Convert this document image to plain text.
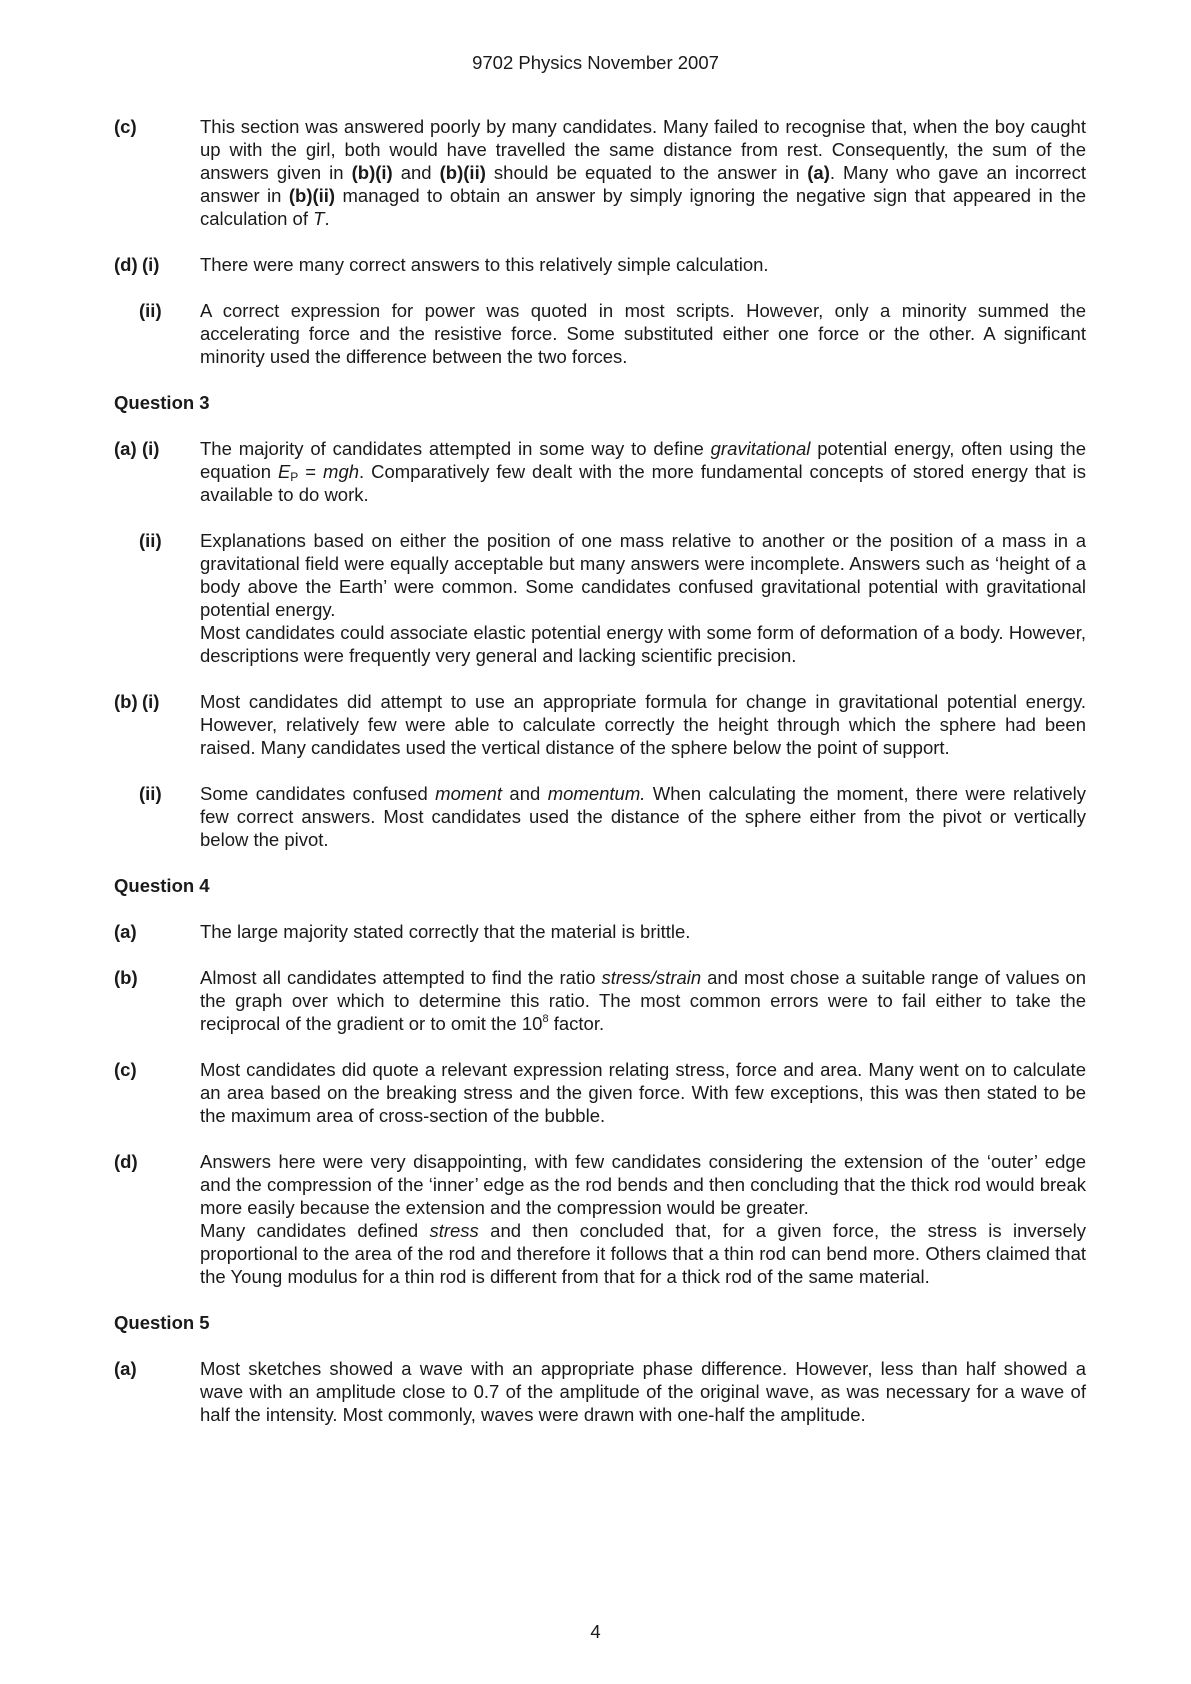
9702 Physics November 2007
(c)	This section was answered poorly by many candidates. Many failed to recognise that, when the boy caught up with the girl, both would have travelled the same distance from rest. Consequently, the sum of the answers given in (b)(i) and (b)(ii) should be equated to the answer in (a). Many who gave an incorrect answer in (b)(ii) managed to obtain an answer by simply ignoring the negative sign that appeared in the calculation of T.
(d) (i) There were many correct answers to this relatively simple calculation.
(ii) A correct expression for power was quoted in most scripts. However, only a minority summed the accelerating force and the resistive force. Some substituted either one force or the other. A significant minority used the difference between the two forces.
Question 3
(a) (i) The majority of candidates attempted in some way to define gravitational potential energy, often using the equation $E_P$ = mgh. Comparatively few dealt with the more fundamental concepts of stored energy that is available to do work.
(ii) Explanations based on either the position of one mass relative to another or the position of a mass in a gravitational field were equally acceptable but many answers were incomplete. Answers such as ‘height of a body above the Earth’ were common. Some candidates confused gravitational potential with gravitational potential energy.
Most candidates could associate elastic potential energy with some form of deformation of a body. However, descriptions were frequently very general and lacking scientific precision.
(b) (i) Most candidates did attempt to use an appropriate formula for change in gravitational potential energy. However, relatively few were able to calculate correctly the height through which the sphere had been raised. Many candidates used the vertical distance of the sphere below the point of support.
(ii) Some candidates confused moment and momentum. When calculating the moment, there were relatively few correct answers. Most candidates used the distance of the sphere either from the pivot or vertically below the pivot.
Question 4
(a)	The large majority stated correctly that the material is brittle.
(b)	Almost all candidates attempted to find the ratio stress/strain and most chose a suitable range of values on the graph over which to determine this ratio. The most common errors were to fail either to take the reciprocal of the gradient or to omit the $10^8$ factor.
(c)	Most candidates did quote a relevant expression relating stress, force and area. Many went on to calculate an area based on the breaking stress and the given force. With few exceptions, this was then stated to be the maximum area of cross-section of the bubble.
(d)	Answers here were very disappointing, with few candidates considering the extension of the ‘outer’ edge and the compression of the ‘inner’ edge as the rod bends and then concluding that the thick rod would break more easily because the extension and the compression would be greater.
Many candidates defined stress and then concluded that, for a given force, the stress is inversely proportional to the area of the rod and therefore it follows that a thin rod can bend more. Others claimed that the Young modulus for a thin rod is different from that for a thick rod of the same material.
Question 5
(a)	Most sketches showed a wave with an appropriate phase difference. However, less than half showed a wave with an amplitude close to 0.7 of the amplitude of the original wave, as was necessary for a wave of half the intensity. Most commonly, waves were drawn with one-half the amplitude.
4
